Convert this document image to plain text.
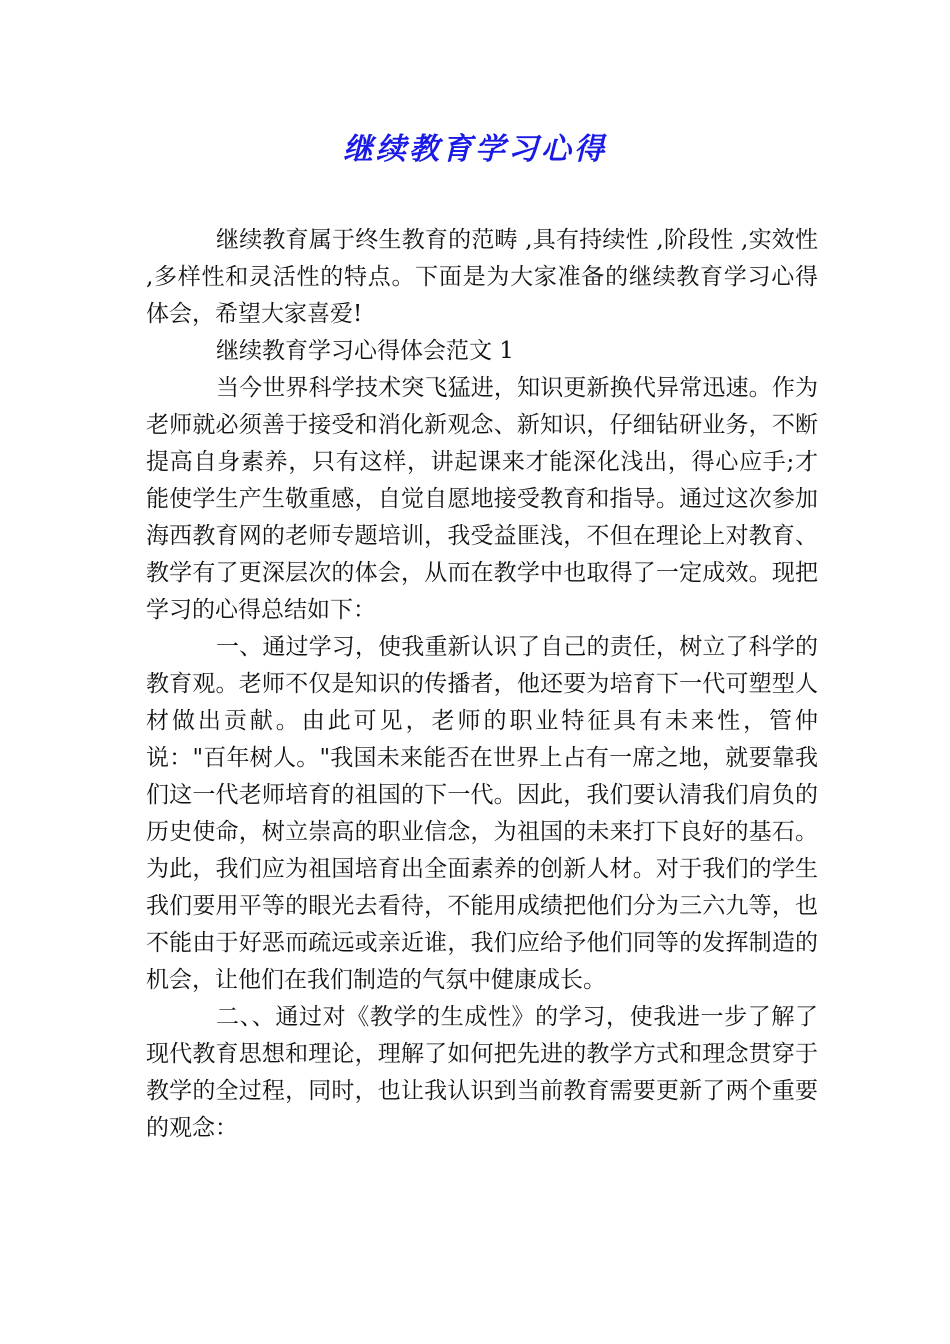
继续教育学习心得

继续教育属于终生教育的范畴 ,具有持续性 ,阶段性 ,实效性 ,多样性和灵活性的特点。下面是为大家准备的继续教育学习心得体会，希望大家喜爱!

继续教育学习心得体会范文 1

当今世界科学技术突飞猛进，知识更新换代异常迅速。作为老师就必须善于接受和消化新观念、新知识，仔细钻研业务，不断提高自身素养，只有这样，讲起课来才能深化浅出，得心应手;才能使学生产生敬重感，自觉自愿地接受教育和指导。通过这次参加海西教育网的老师专题培训，我受益匪浅，不但在理论上对教育、教学有了更深层次的体会，从而在教学中也取得了一定成效。现把学习的心得总结如下：

一、通过学习，使我重新认识了自己的责任，树立了科学的教育观。老师不仅是知识的传播者，他还要为培育下一代可塑型人材做出贡献。由此可见，老师的职业特征具有未来性，管仲说："百年树人。"我国未来能否在世界上占有一席之地，就要靠我们这一代老师培育的祖国的下一代。因此，我们要认清我们肩负的历史使命，树立崇高的职业信念，为祖国的未来打下良好的基石。为此，我们应为祖国培育出全面素养的创新人材。对于我们的学生我们要用平等的眼光去看待，不能用成绩把他们分为三六九等，也不能由于好恶而疏远或亲近谁，我们应给予他们同等的发挥制造的机会，让他们在我们制造的气氛中健康成长。

二、、通过对《教学的生成性》的学习，使我进一步了解了现代教育思想和理论，理解了如何把先进的教学方式和理念贯穿于教学的全过程，同时，也让我认识到当前教育需要更新了两个重要的观念：
